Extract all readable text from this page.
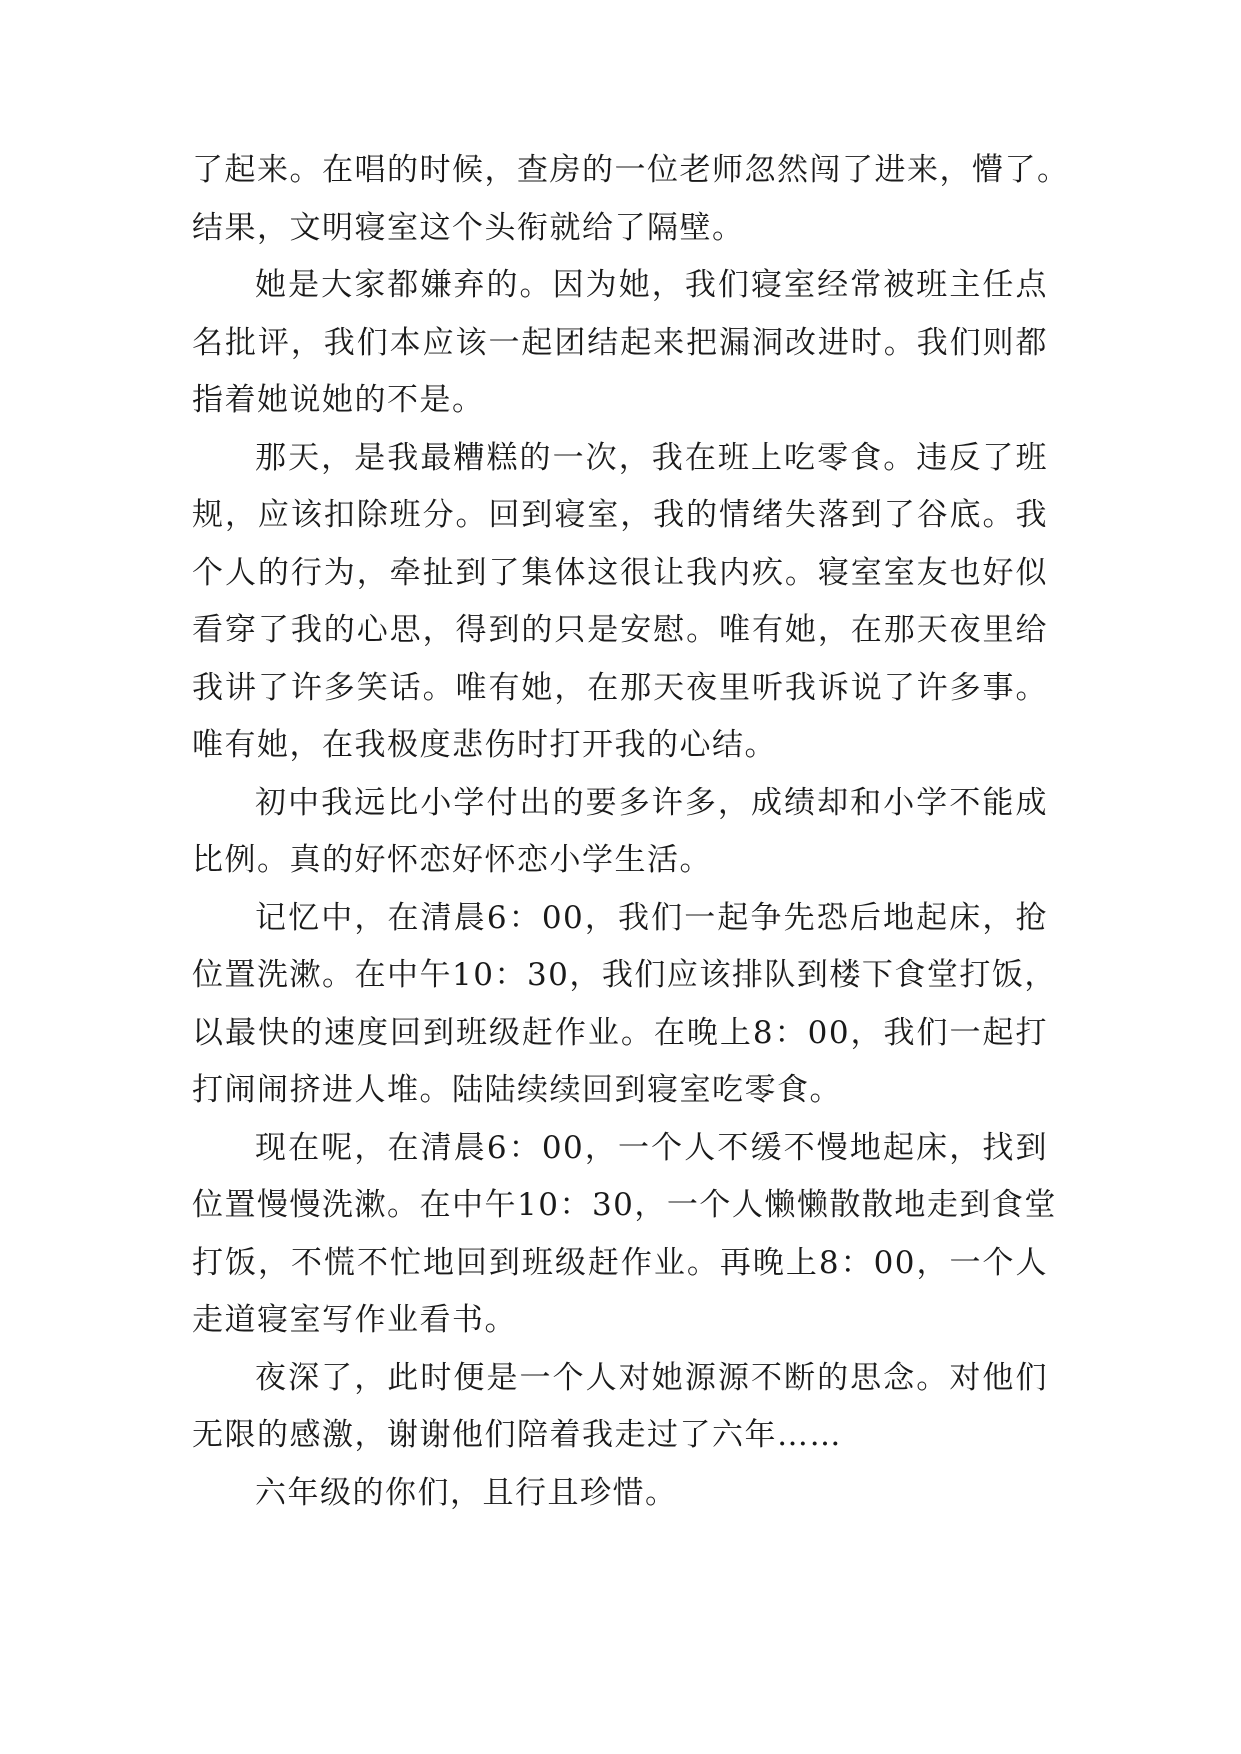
了起来。在唱的时候，查房的一位老师忽然闯了进来，懵了。
结果，文明寝室这个头衔就给了隔壁。
她是大家都嫌弃的。因为她，我们寝室经常被班主任点
名批评，我们本应该一起团结起来把漏洞改进时。我们则都
指着她说她的不是。
那天，是我最糟糕的一次，我在班上吃零食。违反了班
规，应该扣除班分。回到寝室，我的情绪失落到了谷底。我
个人的行为，牵扯到了集体这很让我内疚。寝室室友也好似
看穿了我的心思，得到的只是安慰。唯有她，在那天夜里给
我讲了许多笑话。唯有她，在那天夜里听我诉说了许多事。
唯有她，在我极度悲伤时打开我的心结。
初中我远比小学付出的要多许多，成绩却和小学不能成
比例。真的好怀恋好怀恋小学生活。
记忆中，在清晨6：00，我们一起争先恐后地起床，抢
位置洗漱。在中午10：30，我们应该排队到楼下食堂打饭，
以最快的速度回到班级赶作业。在晚上8：00，我们一起打
打闹闹挤进人堆。陆陆续续回到寝室吃零食。
现在呢，在清晨6：00，一个人不缓不慢地起床，找到
位置慢慢洗漱。在中午10：30，一个人懒懒散散地走到食堂
打饭，不慌不忙地回到班级赶作业。再晚上8：00，一个人
走道寝室写作业看书。
夜深了，此时便是一个人对她源源不断的思念。对他们
无限的感激，谢谢他们陪着我走过了六年……
六年级的你们，且行且珍惜。
